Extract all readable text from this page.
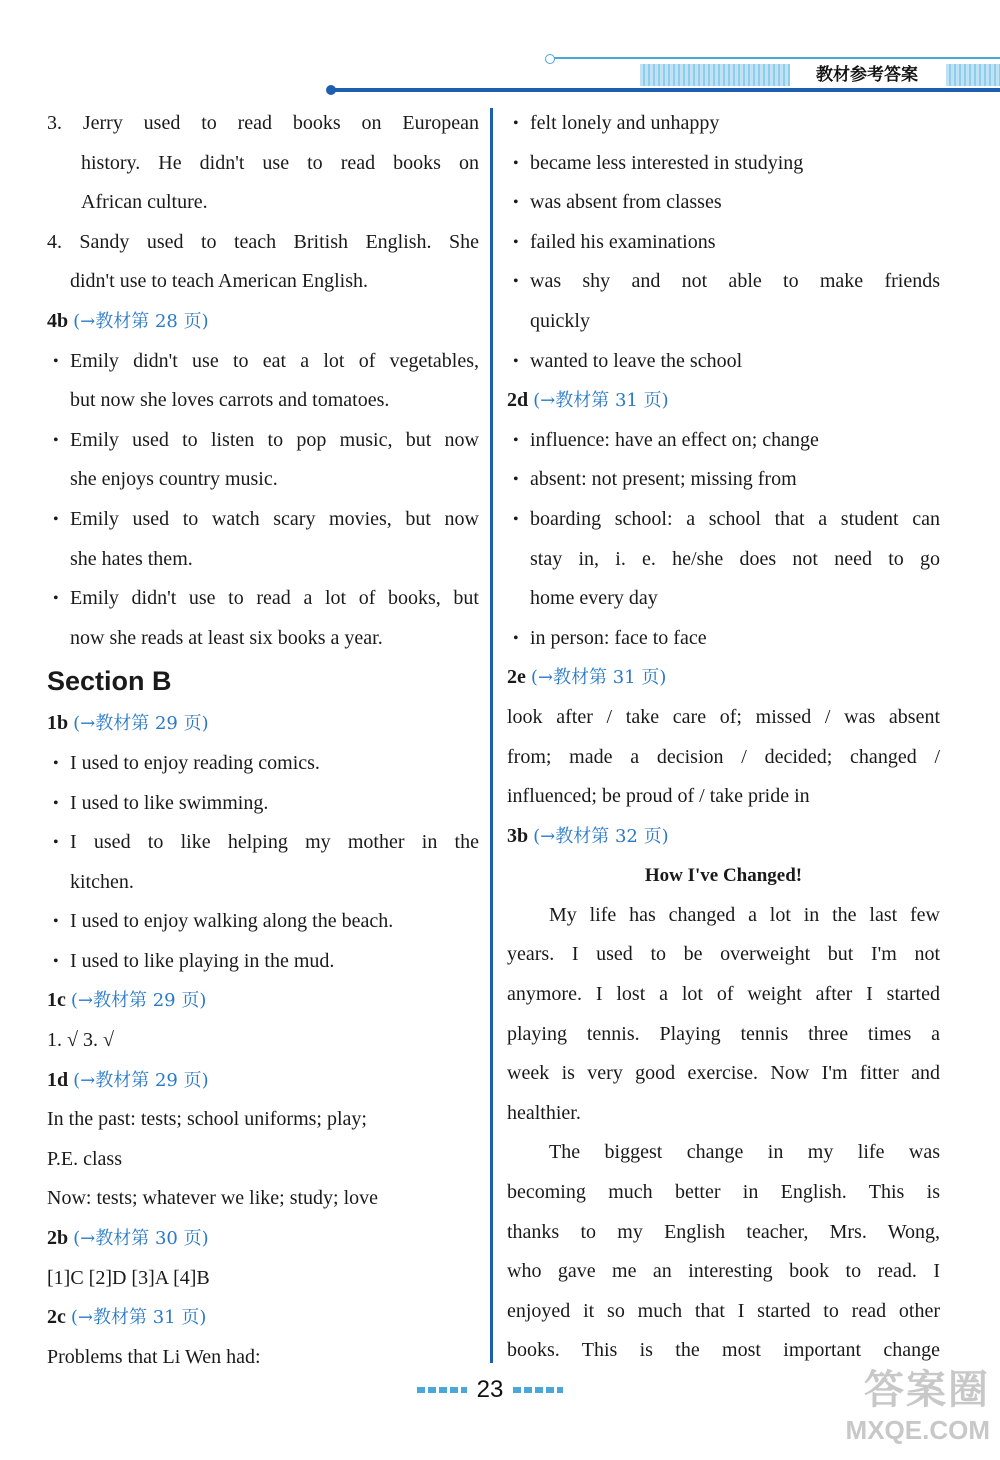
教材参考答案
3. Jerry used to read books on European
history. He didn't use to read books on
African culture.
4. Sandy used to teach British English. She
didn't use to teach American English.
4b (→教材第 28 页)
• Emily didn't use to eat a lot of vegetables,
but now she loves carrots and tomatoes.
• Emily used to listen to pop music, but now
she enjoys country music.
• Emily used to watch scary movies, but now
she hates them.
• Emily didn't use to read a lot of books, but
now she reads at least six books a year.
Section B
1b (→教材第 29 页)
• I used to enjoy reading comics.
• I used to like swimming.
• I used to like helping my mother in the
kitchen.
• I used to enjoy walking along the beach.
• I used to like playing in the mud.
1c (→教材第 29 页)
1. √ 3. √
1d (→教材第 29 页)
In the past: tests; school uniforms; play;
P.E. class
Now: tests; whatever we like; study; love
2b (→教材第 30 页)
[1]C [2]D [3]A [4]B
2c (→教材第 31 页)
Problems that Li Wen had:
• felt lonely and unhappy
• became less interested in studying
• was absent from classes
• failed his examinations
• was shy and not able to make friends
quickly
• wanted to leave the school
2d (→教材第 31 页)
• influence: have an effect on; change
• absent: not present; missing from
• boarding school: a school that a student can
stay in, i. e. he/she does not need to go
home every day
• in person: face to face
2e (→教材第 31 页)
look after / take care of; missed / was absent
from; made a decision / decided; changed /
influenced; be proud of / take pride in
3b (→教材第 32 页)
How I've Changed!
My life has changed a lot in the last few
years. I used to be overweight but I'm not
anymore. I lost a lot of weight after I started
playing tennis. Playing tennis three times a
week is very good exercise. Now I'm fitter and
healthier.
The biggest change in my life was
becoming much better in English. This is
thanks to my English teacher, Mrs. Wong,
who gave me an interesting book to read. I
enjoyed it so much that I started to read other
books. This is the most important change
23	答案圈
MXQE.COM
